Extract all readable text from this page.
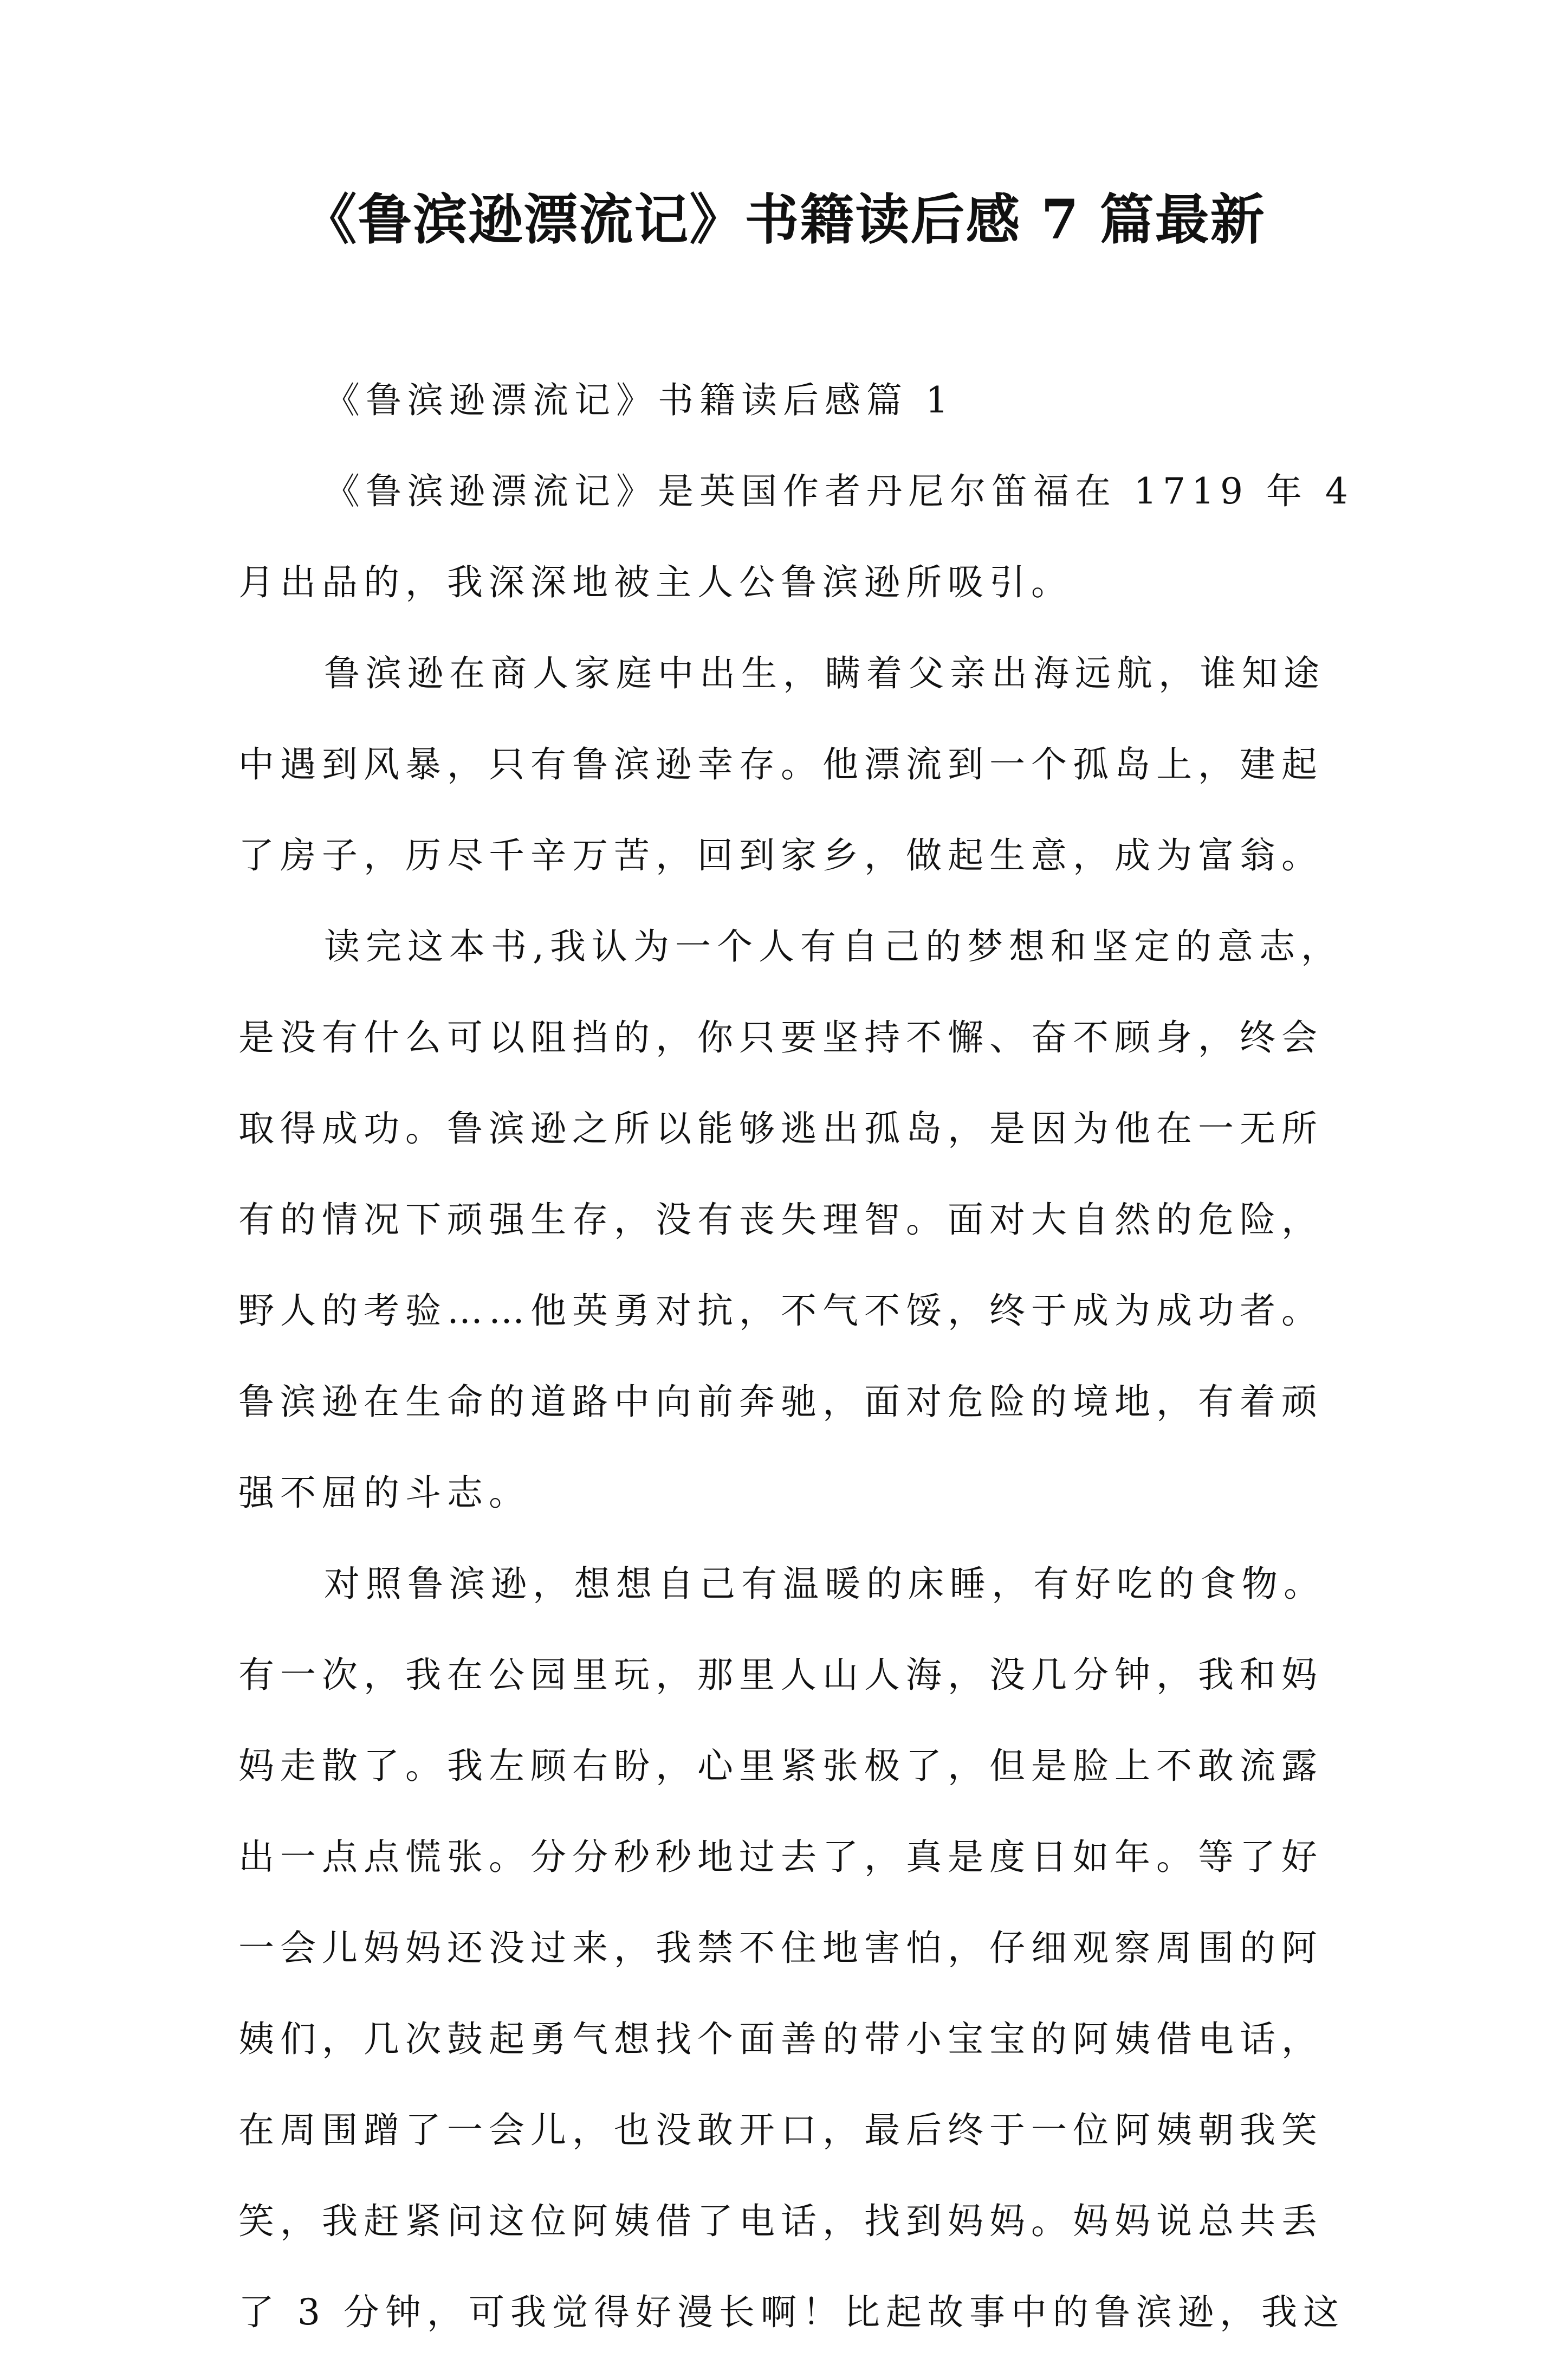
《鲁滨逊漂流记》书籍读后感 7 篇最新
《鲁滨逊漂流记》书籍读后感篇 1
《鲁滨逊漂流记》是英国作者丹尼尔笛福在 1719 年 4
月出品的，我深深地被主人公鲁滨逊所吸引。
鲁滨逊在商人家庭中出生，瞒着父亲出海远航，谁知途
中遇到风暴，只有鲁滨逊幸存。他漂流到一个孤岛上，建起
了房子，历尽千辛万苦，回到家乡，做起生意，成为富翁。
读完这本书,我认为一个人有自己的梦想和坚定的意志，
是没有什么可以阻挡的，你只要坚持不懈、奋不顾身，终会
取得成功。鲁滨逊之所以能够逃出孤岛，是因为他在一无所
有的情况下顽强生存，没有丧失理智。面对大自然的危险，
野人的考验……他英勇对抗，不气不馁，终于成为成功者。
鲁滨逊在生命的道路中向前奔驰，面对危险的境地，有着顽
强不屈的斗志。
对照鲁滨逊，想想自己有温暖的床睡，有好吃的食物。
有一次，我在公园里玩，那里人山人海，没几分钟，我和妈
妈走散了。我左顾右盼，心里紧张极了，但是脸上不敢流露
出一点点慌张。分分秒秒地过去了，真是度日如年。等了好
一会儿妈妈还没过来，我禁不住地害怕，仔细观察周围的阿
姨们，几次鼓起勇气想找个面善的带小宝宝的阿姨借电话，
在周围蹭了一会儿，也没敢开口，最后终于一位阿姨朝我笑
笑，我赶紧问这位阿姨借了电话，找到妈妈。妈妈说总共丢
了 3 分钟，可我觉得好漫长啊！比起故事中的鲁滨逊，我这
